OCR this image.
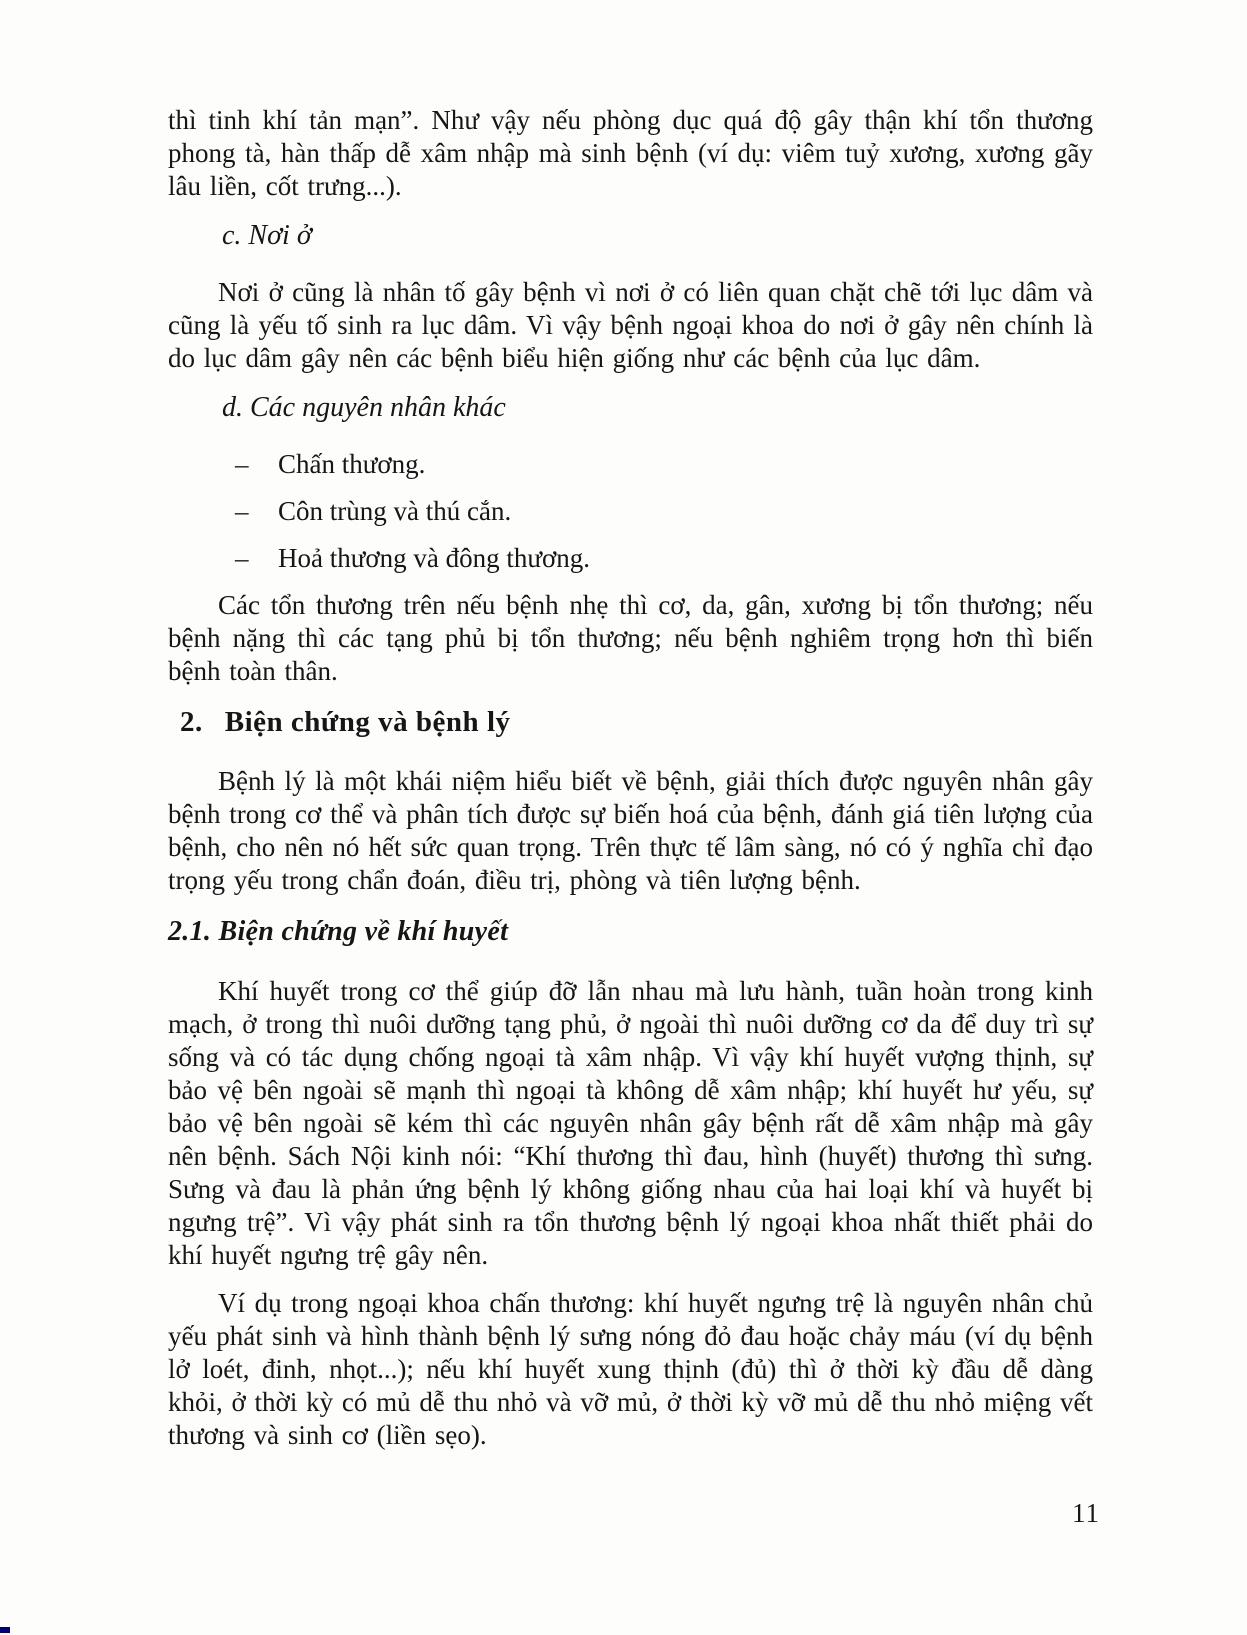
thì tinh khí tản mạn”. Như vậy nếu phòng dục quá độ gây thận khí tổn thương phong tà, hàn thấp dễ xâm nhập mà sinh bệnh (ví dụ: viêm tuỷ xương, xương gãy lâu liền, cốt trưng...).

c. Nơi ở

Nơi ở cũng là nhân tố gây bệnh vì nơi ở có liên quan chặt chẽ tới lục dâm và cũng là yếu tố sinh ra lục dâm. Vì vậy bệnh ngoại khoa do nơi ở gây nên chính là do lục dâm gây nên các bệnh biểu hiện giống như các bệnh của lục dâm.

d. Các nguyên nhân khác
–	Chấn thương.
–	Côn trùng và thú cắn.
–	Hoả thương và đông thương.

Các tổn thương trên nếu bệnh nhẹ thì cơ, da, gân, xương bị tổn thương; nếu bệnh nặng thì các tạng phủ bị tổn thương; nếu bệnh nghiêm trọng hơn thì biến bệnh toàn thân.

2. Biện chứng và bệnh lý

Bệnh lý là một khái niệm hiểu biết về bệnh, giải thích được nguyên nhân gây bệnh trong cơ thể và phân tích được sự biến hoá của bệnh, đánh giá tiên lượng của bệnh, cho nên nó hết sức quan trọng. Trên thực tế lâm sàng, nó có ý nghĩa chỉ đạo trọng yếu trong chẩn đoán, điều trị, phòng và tiên lượng bệnh.

2.1. Biện chứng về khí huyết

Khí huyết trong cơ thể giúp đỡ lẫn nhau mà lưu hành, tuần hoàn trong kinh mạch, ở trong thì nuôi dưỡng tạng phủ, ở ngoài thì nuôi dưỡng cơ da để duy trì sự sống và có tác dụng chống ngoại tà xâm nhập. Vì vậy khí huyết vượng thịnh, sự bảo vệ bên ngoài sẽ mạnh thì ngoại tà không dễ xâm nhập; khí huyết hư yếu, sự bảo vệ bên ngoài sẽ kém thì các nguyên nhân gây bệnh rất dễ xâm nhập mà gây nên bệnh. Sách Nội kinh nói: “Khí thương thì đau, hình (huyết) thương thì sưng. Sưng và đau là phản ứng bệnh lý không giống nhau của hai loại khí và huyết bị ngưng trệ”. Vì vậy phát sinh ra tổn thương bệnh lý ngoại khoa nhất thiết phải do khí huyết ngưng trệ gây nên.

Ví dụ trong ngoại khoa chấn thương: khí huyết ngưng trệ là nguyên nhân chủ yếu phát sinh và hình thành bệnh lý sưng nóng đỏ đau hoặc chảy máu (ví dụ bệnh lở loét, đinh, nhọt...); nếu khí huyết xung thịnh (đủ) thì ở thời kỳ đầu dễ dàng khỏi, ở thời kỳ có mủ dễ thu nhỏ và vỡ mủ, ở thời kỳ vỡ mủ dễ thu nhỏ miệng vết thương và sinh cơ (liền sẹo).

11
